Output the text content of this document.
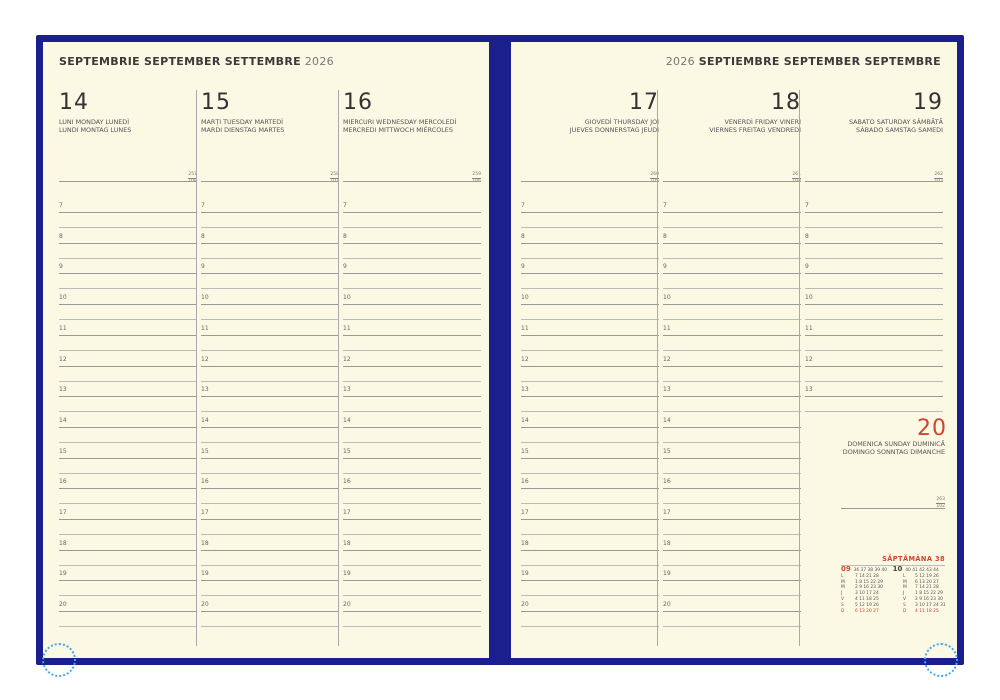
SEPTEMBRIE SEPTEMBER SETTEMBRE 2026
14
LUNI MONDAY LUNEDÌ
LUNDI MONTAG LUNES
257
108
7
8
9
10
11
12
13
14
15
16
17
18
19
20
15
MARȚI TUESDAY MARTEDÌ
MARDI DIENSTAG MARTES
258
107
7
8
9
10
11
12
13
14
15
16
17
18
19
20
16
MIERCURI WEDNESDAY MERCOLEDÌ
MERCREDI MITTWOCH MIÉRCOLES
259
106
7
8
9
10
11
12
13
14
15
16
17
18
19
20
2026 SEPTIEMBRE SEPTEMBER SEPTEMBRE
17
GIOVEDÌ THURSDAY JOI
JUEVES DONNERSTAG JEUDI
260
105
7
8
9
10
11
12
13
14
15
16
17
18
19
20
18
VENERDÌ FRIDAY VINERI
VIERNES FREITAG VENDREDI
261
104
7
8
9
10
11
12
13
14
15
16
17
18
19
20
19
SABATO SATURDAY SÂMBĂTĂ
SÁBADO SAMSTAG SAMEDI
262
103
7
8
9
10
11
12
13
20
DOMENICA SUNDAY DUMINICĂ
DOMINGO SONNTAG DIMANCHE
263
102
SĂPTĂMÂNA 38
09 36 37 38 39 40 10 40 41 42 43 44
L	7 14 21 28	L 5 12 19 26
M 1 8 15 22 29	M 6 13 20 27
M 2 9 16 23 30	M 7 14 21 28
J	3 10 17 24	J 1 8 15 22 29
V 4 11 18 25	V 2 9 16 23 30
S	5 12 19 26	S 3 10 17 24 31
D 6 13 20 27	D 4 11 18 25
